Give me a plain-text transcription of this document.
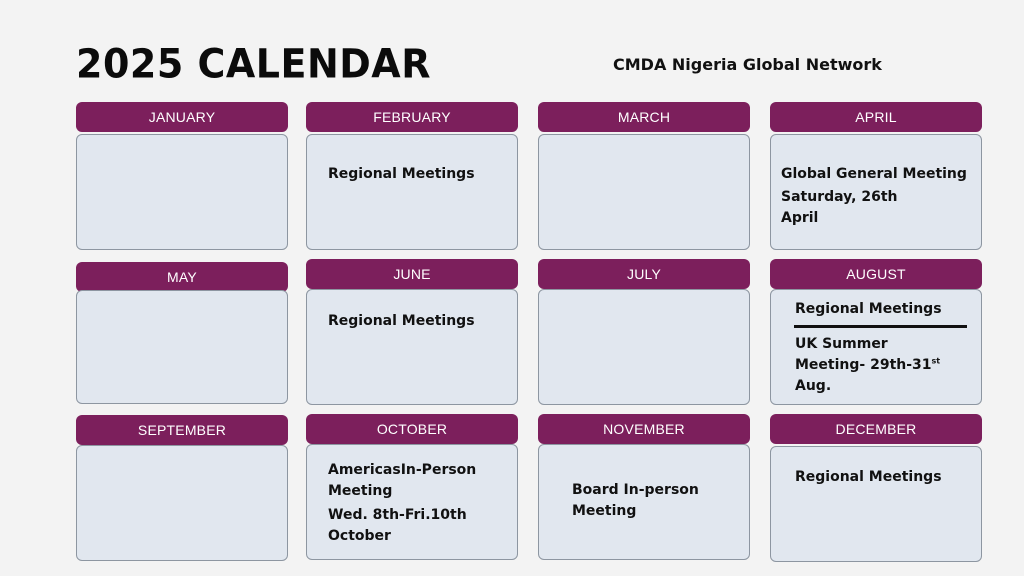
2025 CALENDAR	CMDA Nigeria Global Network
JANUARY	FEBRUARY
Regional Meetings
MARCH	APRIL
Global General Meeting
Saturday, 26th
April
MAY	JUNE
Regional Meetings
JULY	AUGUST
Regional Meetings
UK Summer
Meeting- 29th-31st
Aug.
SEPTEMBER	OCTOBER
AmericasIn-Person
Meeting
Wed. 8th-Fri.10th
October
NOVEMBER
Board In-person
Meeting
DECEMBER
Regional Meetings
